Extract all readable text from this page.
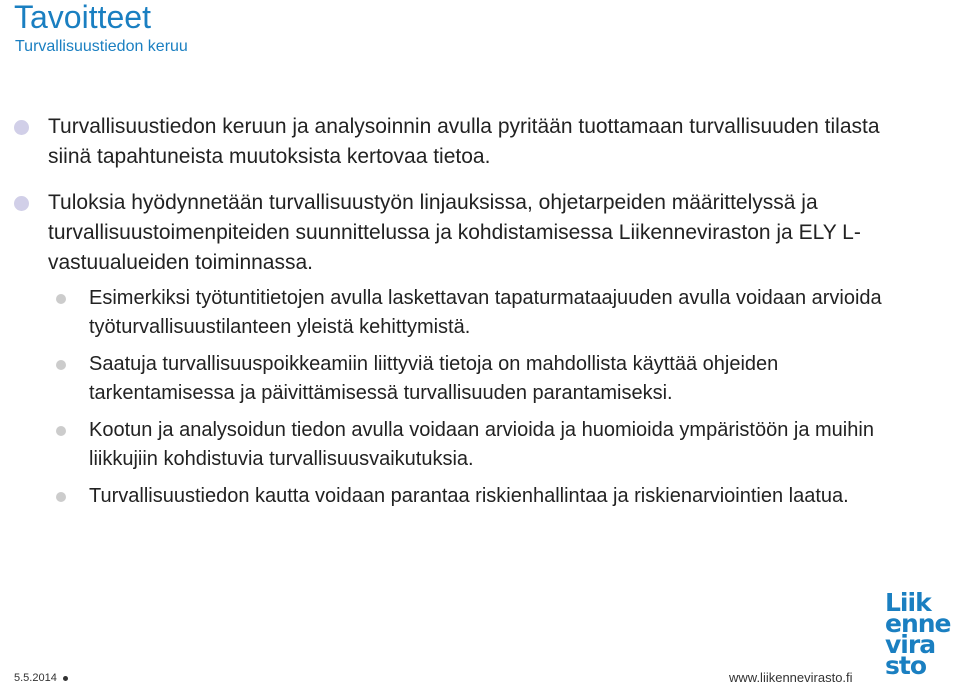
Tavoitteet
Turvallisuustiedon keruu
Turvallisuustiedon keruun ja analysoinnin avulla pyritään tuottamaan turvallisuuden tilasta siinä tapahtuneista muutoksista kertovaa tietoa.
Tuloksia hyödynnetään turvallisuustyön linjauksissa, ohjetarpeiden määrittelyssä ja turvallisuustoimenpiteiden suunnittelussa ja kohdistamisessa Liikenneviraston ja ELY L-vastuualueiden toiminnassa.
Esimerkiksi työtuntitietojen avulla laskettavan tapaturmataajuuden avulla voidaan arvioida työturvallisuustilanteen yleistä kehittymistä.
Saatuja turvallisuuspoikkeamiin liittyviä tietoja on mahdollista käyttää ohjeiden tarkentamisessa ja päivittämisessä turvallisuuden parantamiseksi.
Kootun ja analysoidun tiedon avulla voidaan arvioida ja huomioida ympäristöön ja muihin liikkujiin kohdistuvia turvallisuusvaikutuksia.
Turvallisuustiedon kautta voidaan parantaa riskienhallintaa ja riskienarviointien laatua.
5.5.2014	www.liikennevirasto.fi
Liik
enne
vira
sto
